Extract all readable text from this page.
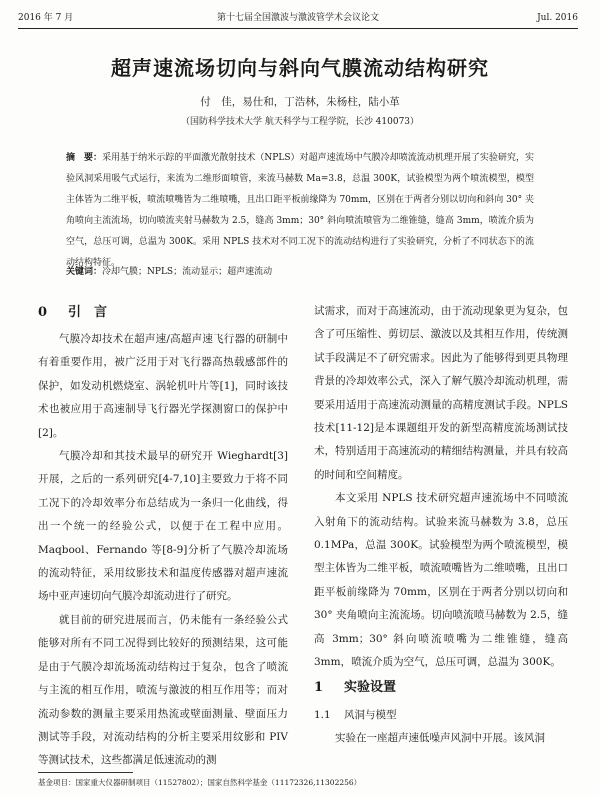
2016 年 7 月	第十七届全国激波与激波管学术会议论文	Jul. 2016
超声速流场切向与斜向气膜流动结构研究
付　佳，易仕和，丁浩林，朱杨柱，陆小革
（国防科学技术大学 航天科学与工程学院，长沙 410073）
摘　要：采用基于纳米示踪的平面激光散射技术（NPLS）对超声速流场中气膜冷却喷流流动机理开展了实验研究，实验风洞采用吸气式运行，来流为二维形面喷管，来流马赫数 Ma=3.8，总温 300K，试验模型为两个喷流模型，模型主体皆为二维平板，喷流喷嘴皆为二维喷嘴，且出口距平板前缘降为 70mm，区别在于两者分别以切向和斜向 30° 夹角喷向主流流场，切向喷流夹射马赫数为 2.5，缝高 3mm；30° 斜向喷流喷管为二维锥缝，缝高 3mm，喷流介质为空气，总压可调，总温为 300K。采用 NPLS 技术对不同工况下的流动结构进行了实验研究，分析了不同状态下的流动结构特征。
关键词：冷却气膜；NPLS；流动显示；超声速流动
0 引　言

气膜冷却技术在超声速/高超声速飞行器的研制中有着重要作用，被广泛用于对飞行器高热载感部件的保护，如发动机燃烧室、涡轮机叶片等[1]，同时该技术也被应用于高速制导飞行器光学探测窗口的保护中[2]。

气膜冷却和其技术最早的研究开 Wieghardt[3]开展，之后的一系列研究[4-7,10]主要致力于将不同工况下的冷却效率分布总结成为一条归一化曲线，得出一个统一的经验公式，以便于在工程中应用。Maqbool、Fernando 等[8-9]分析了气膜冷却流场的流动特征，采用纹影技术和温度传感器对超声速流场中亚声速切向气膜冷却流动进行了研究。

就目前的研究进展而言，仍未能有一条经验公式能够对所有不同工况得到比较好的预测结果，这可能是由于气膜冷却流场流动结构过于复杂，包含了喷流与主流的相互作用，喷流与激波的相互作用等；而对流动参数的测量主要采用热流或壁面测量、壁面压力测试等手段，对流动结构的分析主要采用纹影和 PIV 等测试技术，这些都满足低速流动的测

试需求，而对于高速流动，由于流动现象更为复杂，包含了可压缩性、剪切层、激波以及其相互作用，传统测试手段满足不了研究需求。因此为了能够得到更具物理背景的冷却效率公式，深入了解气膜冷却流动机理，需要采用适用于高速流动测量的高精度测试手段。NPLS 技术[11-12]是本课题组开发的新型高精度流场测试技术，特别适用于高速流动的精细结构测量，并具有较高的时间和空间精度。

本文采用 NPLS 技术研究超声速流场中不同喷流入射角下的流动结构。试验来流马赫数为 3.8，总压 0.1MPa，总温 300K。试验模型为两个喷流模型，模型主体皆为二维平板，喷流喷嘴皆为二维喷嘴，且出口距平板前缘降为 70mm，区别在于两者分别以切向和 30° 夹角喷向主流流场。切向喷流喷马赫数为 2.5，缝高 3mm；30° 斜向喷流喷嘴为二维锥缝，缝高 3mm，喷流介质为空气，总压可调，总温为 300K。

1 实验设置
1.1 风洞与模型

实验在一座超声速低噪声风洞中开展。该风洞

基金项目：国家重大仪器研制项目（11527802）；国家自然科学基金（11172326,11302256）
